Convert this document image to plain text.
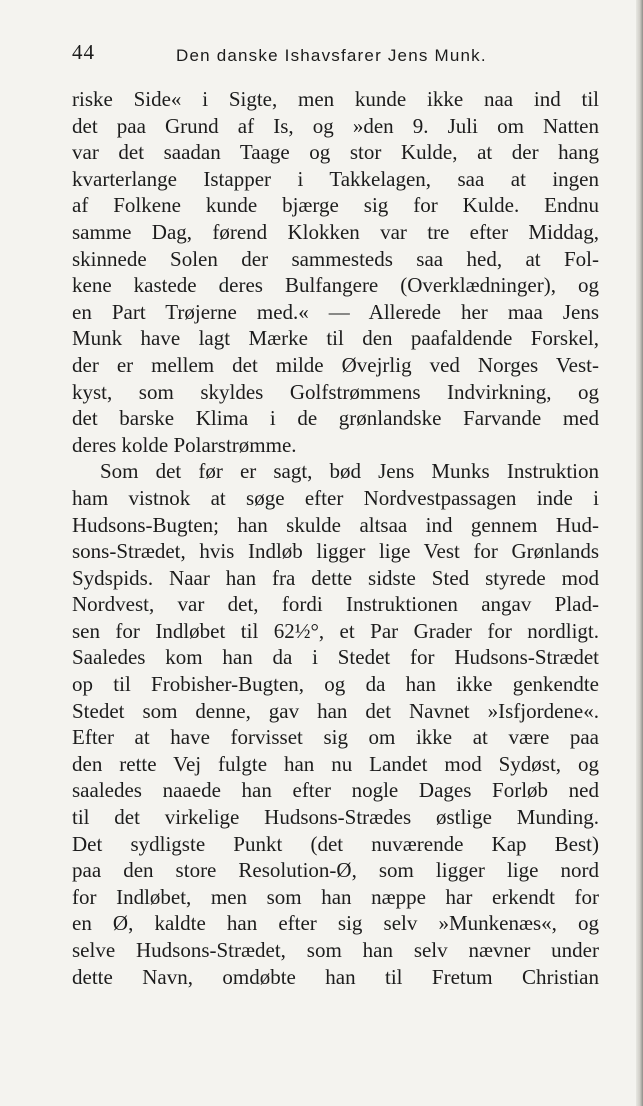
44	Den danske Ishavsfarer Jens Munk.
riske Side« i Sigte, men kunde ikke naa ind til
det paa Grund af Is, og »den 9. Juli om Natten
var det saadan Taage og stor Kulde, at der hang
kvarterlange Istapper i Takkelagen, saa at ingen
af Folkene kunde bjærge sig for Kulde. Endnu
samme Dag, førend Klokken var tre efter Middag,
skinnede Solen der sammesteds saa hed, at Fol-
kene kastede deres Bulfangere (Overklædninger), og
en Part Trøjerne med.« — Allerede her maa Jens
Munk have lagt Mærke til den paafaldende Forskel,
der er mellem det milde Øvejrlig ved Norges Vest-
kyst, som skyldes Golfstrømmens Indvirkning, og
det barske Klima i de grønlandske Farvande med
deres kolde Polarstrømme.
Som det før er sagt, bød Jens Munks Instruktion
ham vistnok at søge efter Nordvestpassagen inde i
Hudsons-Bugten; han skulde altsaa ind gennem Hud-
sons-Strædet, hvis Indløb ligger lige Vest for Grønlands
Sydspids. Naar han fra dette sidste Sted styrede mod
Nordvest, var det, fordi Instruktionen angav Plad-
sen for Indløbet til 62½°, et Par Grader for nordligt.
Saaledes kom han da i Stedet for Hudsons-Strædet
op til Frobisher-Bugten, og da han ikke genkendte
Stedet som denne, gav han det Navnet »Isfjordene«.
Efter at have forvisset sig om ikke at være paa
den rette Vej fulgte han nu Landet mod Sydøst, og
saaledes naaede han efter nogle Dages Forløb ned
til det virkelige Hudsons-Strædes østlige Munding.
Det sydligste Punkt (det nuværende Kap Best)
paa den store Resolution-Ø, som ligger lige nord
for Indløbet, men som han næppe har erkendt for
en Ø, kaldte han efter sig selv »Munkenæs«, og
selve Hudsons-Strædet, som han selv nævner under
dette Navn, omdøbte han til Fretum Christian
